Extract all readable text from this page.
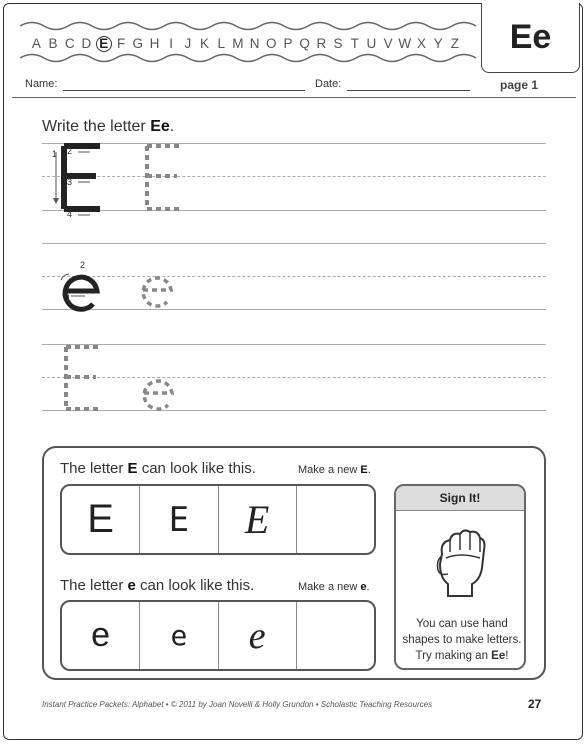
A B C D E F G H I J K L M N O P Q R S T U V W X Y Z	Ee
Name:	Date:	page 1
Write the letter Ee.
1 2
3
4
2
1
The letter E can look like this.	Make a new E.
E E E
The letter e can look like this.	Make a new e.
e e e
Sign It!
You can use hand
shapes to make letters.
Try making an Ee!
Instant Practice Packets: Alphabet • © 2011 by Joan Novelli & Holly Grundon • Scholastic Teaching Resources	27
